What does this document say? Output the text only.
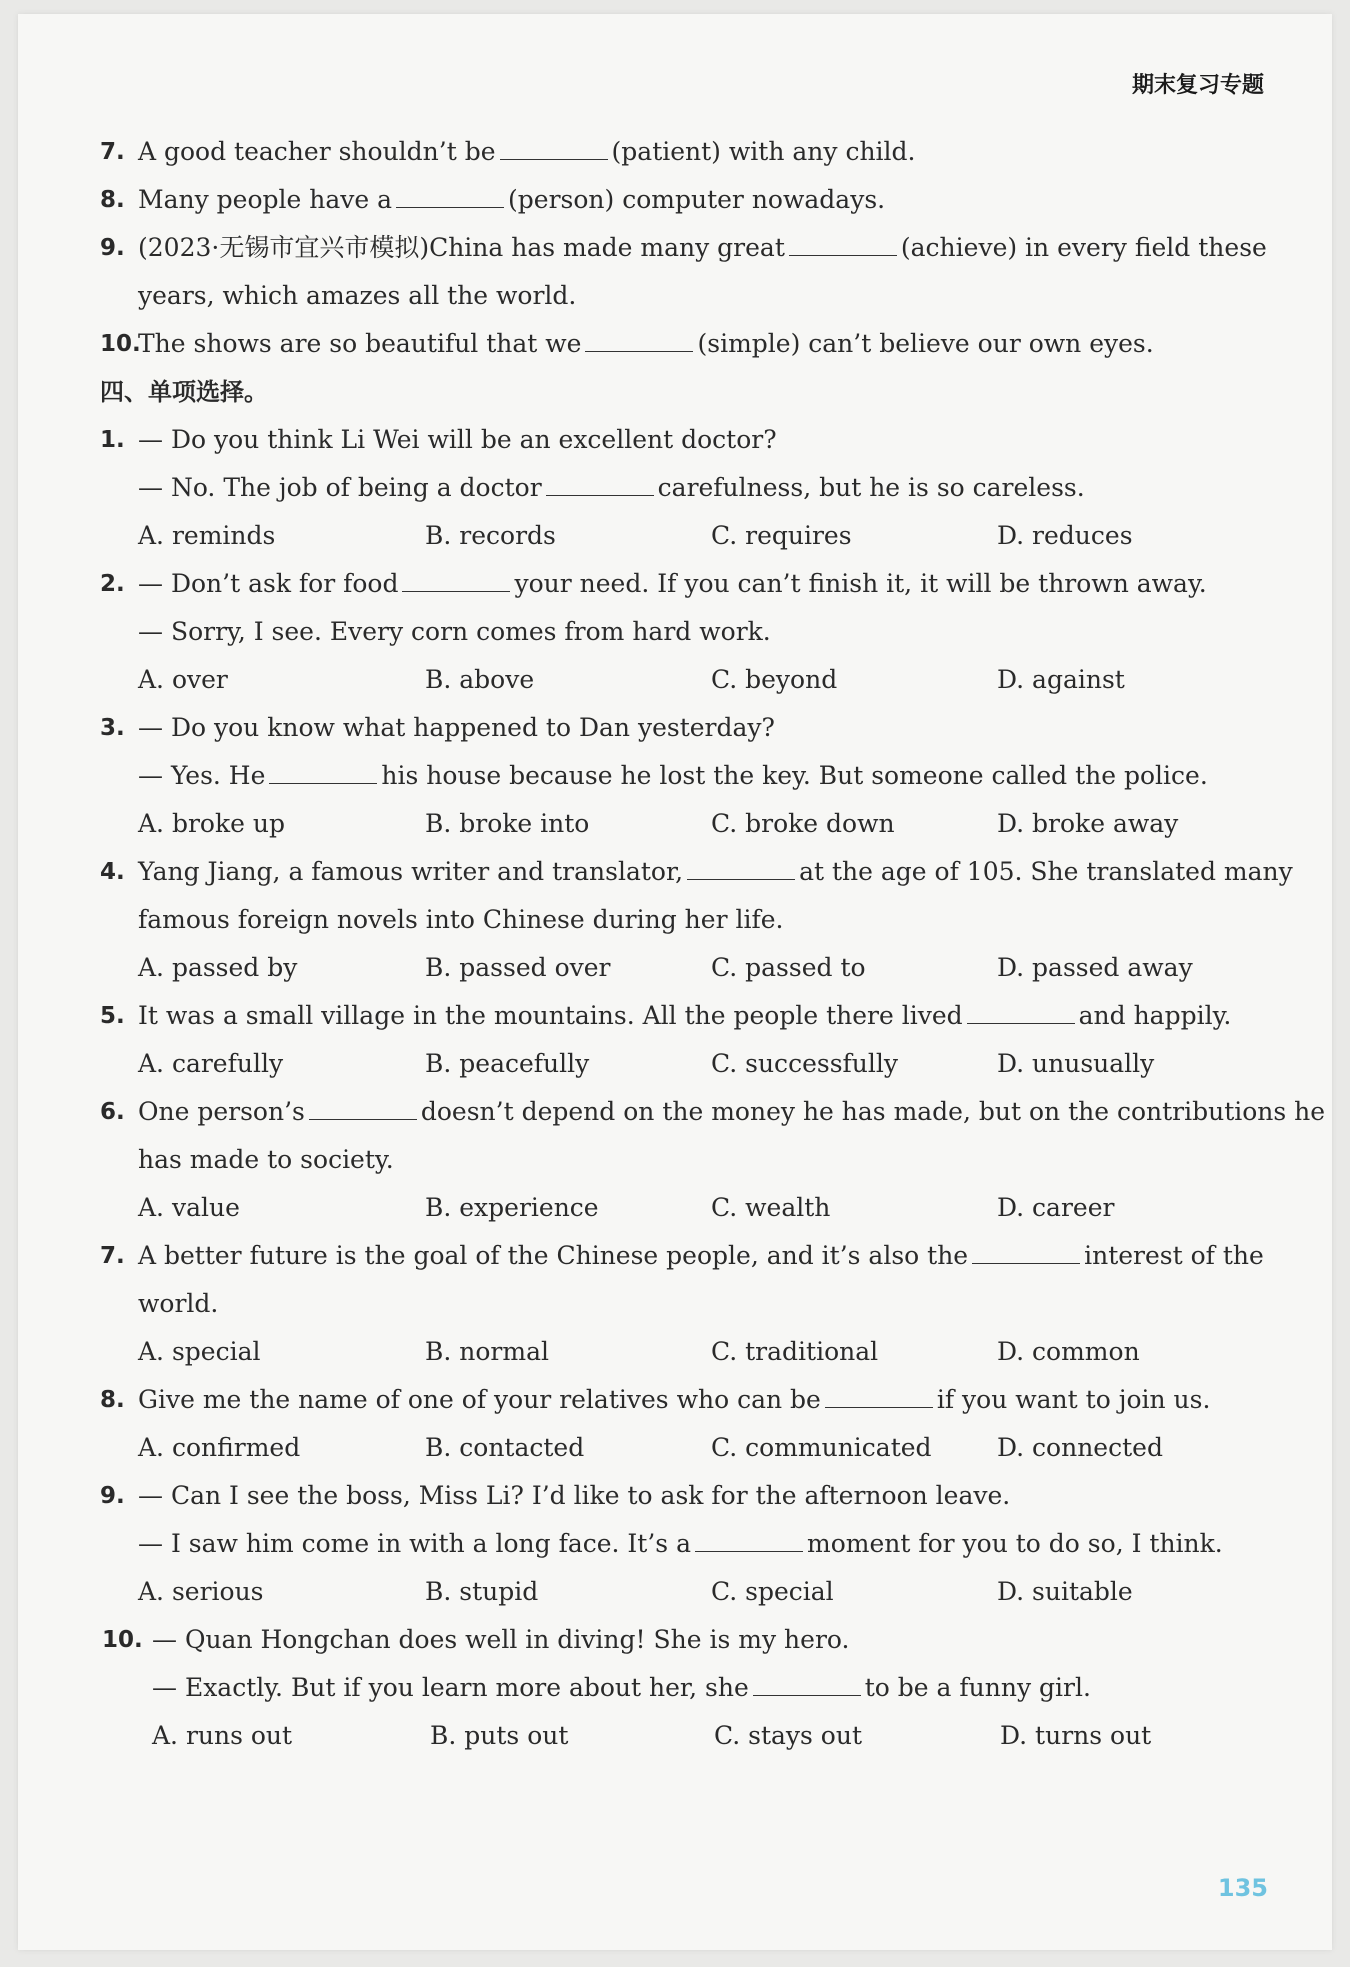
期末复习专题
7. A good teacher shouldn’t be	(patient) with any child.
8. Many people have a	(person) computer nowadays.
9. (2023·无锡市宜兴市模拟)China has made many great	(achieve) in every field these
years, which amazes all the world.
10.
The shows are so beautiful that we	(simple) can’t believe our own eyes.
四、单项选择。
1. — Do you think Li Wei will be an excellent doctor?
— No. The job of being a doctor	carefulness, but he is so careless.
A. reminds	B. records	C. requires	D. reduces
2. — Don’t ask for food	your need. If you can’t finish it, it will be thrown away.
— Sorry, I see. Every corn comes from hard work.
A. over	B. above	C. beyond	D. against
3. — Do you know what happened to Dan yesterday?
— Yes. He	his house because he lost the key. But someone called the police.
A. broke up	B. broke into	C. broke down	D. broke away
4. Yang Jiang, a famous writer and translator,	at the age of 105. She translated many
famous foreign novels into Chinese during her life.
A. passed by	B. passed over	C. passed to	D. passed away
5. It was a small village in the mountains. All the people there lived	and happily.
A. carefully	B. peacefully	C. successfully	D. unusually
6. One person’s	doesn’t depend on the money he has made, but on the contributions he
has made to society.
A. value	B. experience	C. wealth	D. career
7. A better future is the goal of the Chinese people, and it’s also the	interest of the
world.
A. special	B. normal	C. traditional	D. common
8. Give me the name of one of your relatives who can be	if you want to join us.
A. confirmed	B. contacted	C. communicated	D. connected
9. — Can I see the boss, Miss Li? I’d like to ask for the afternoon leave.
— I saw him come in with a long face. It’s a	moment for you to do so, I think.
A. serious	B. stupid	C. special	D. suitable
10. — Quan Hongchan does well in diving! She is my hero.
— Exactly. But if you learn more about her, she	to be a funny girl.
A. runs out	B. puts out	C. stays out	D. turns out
135
